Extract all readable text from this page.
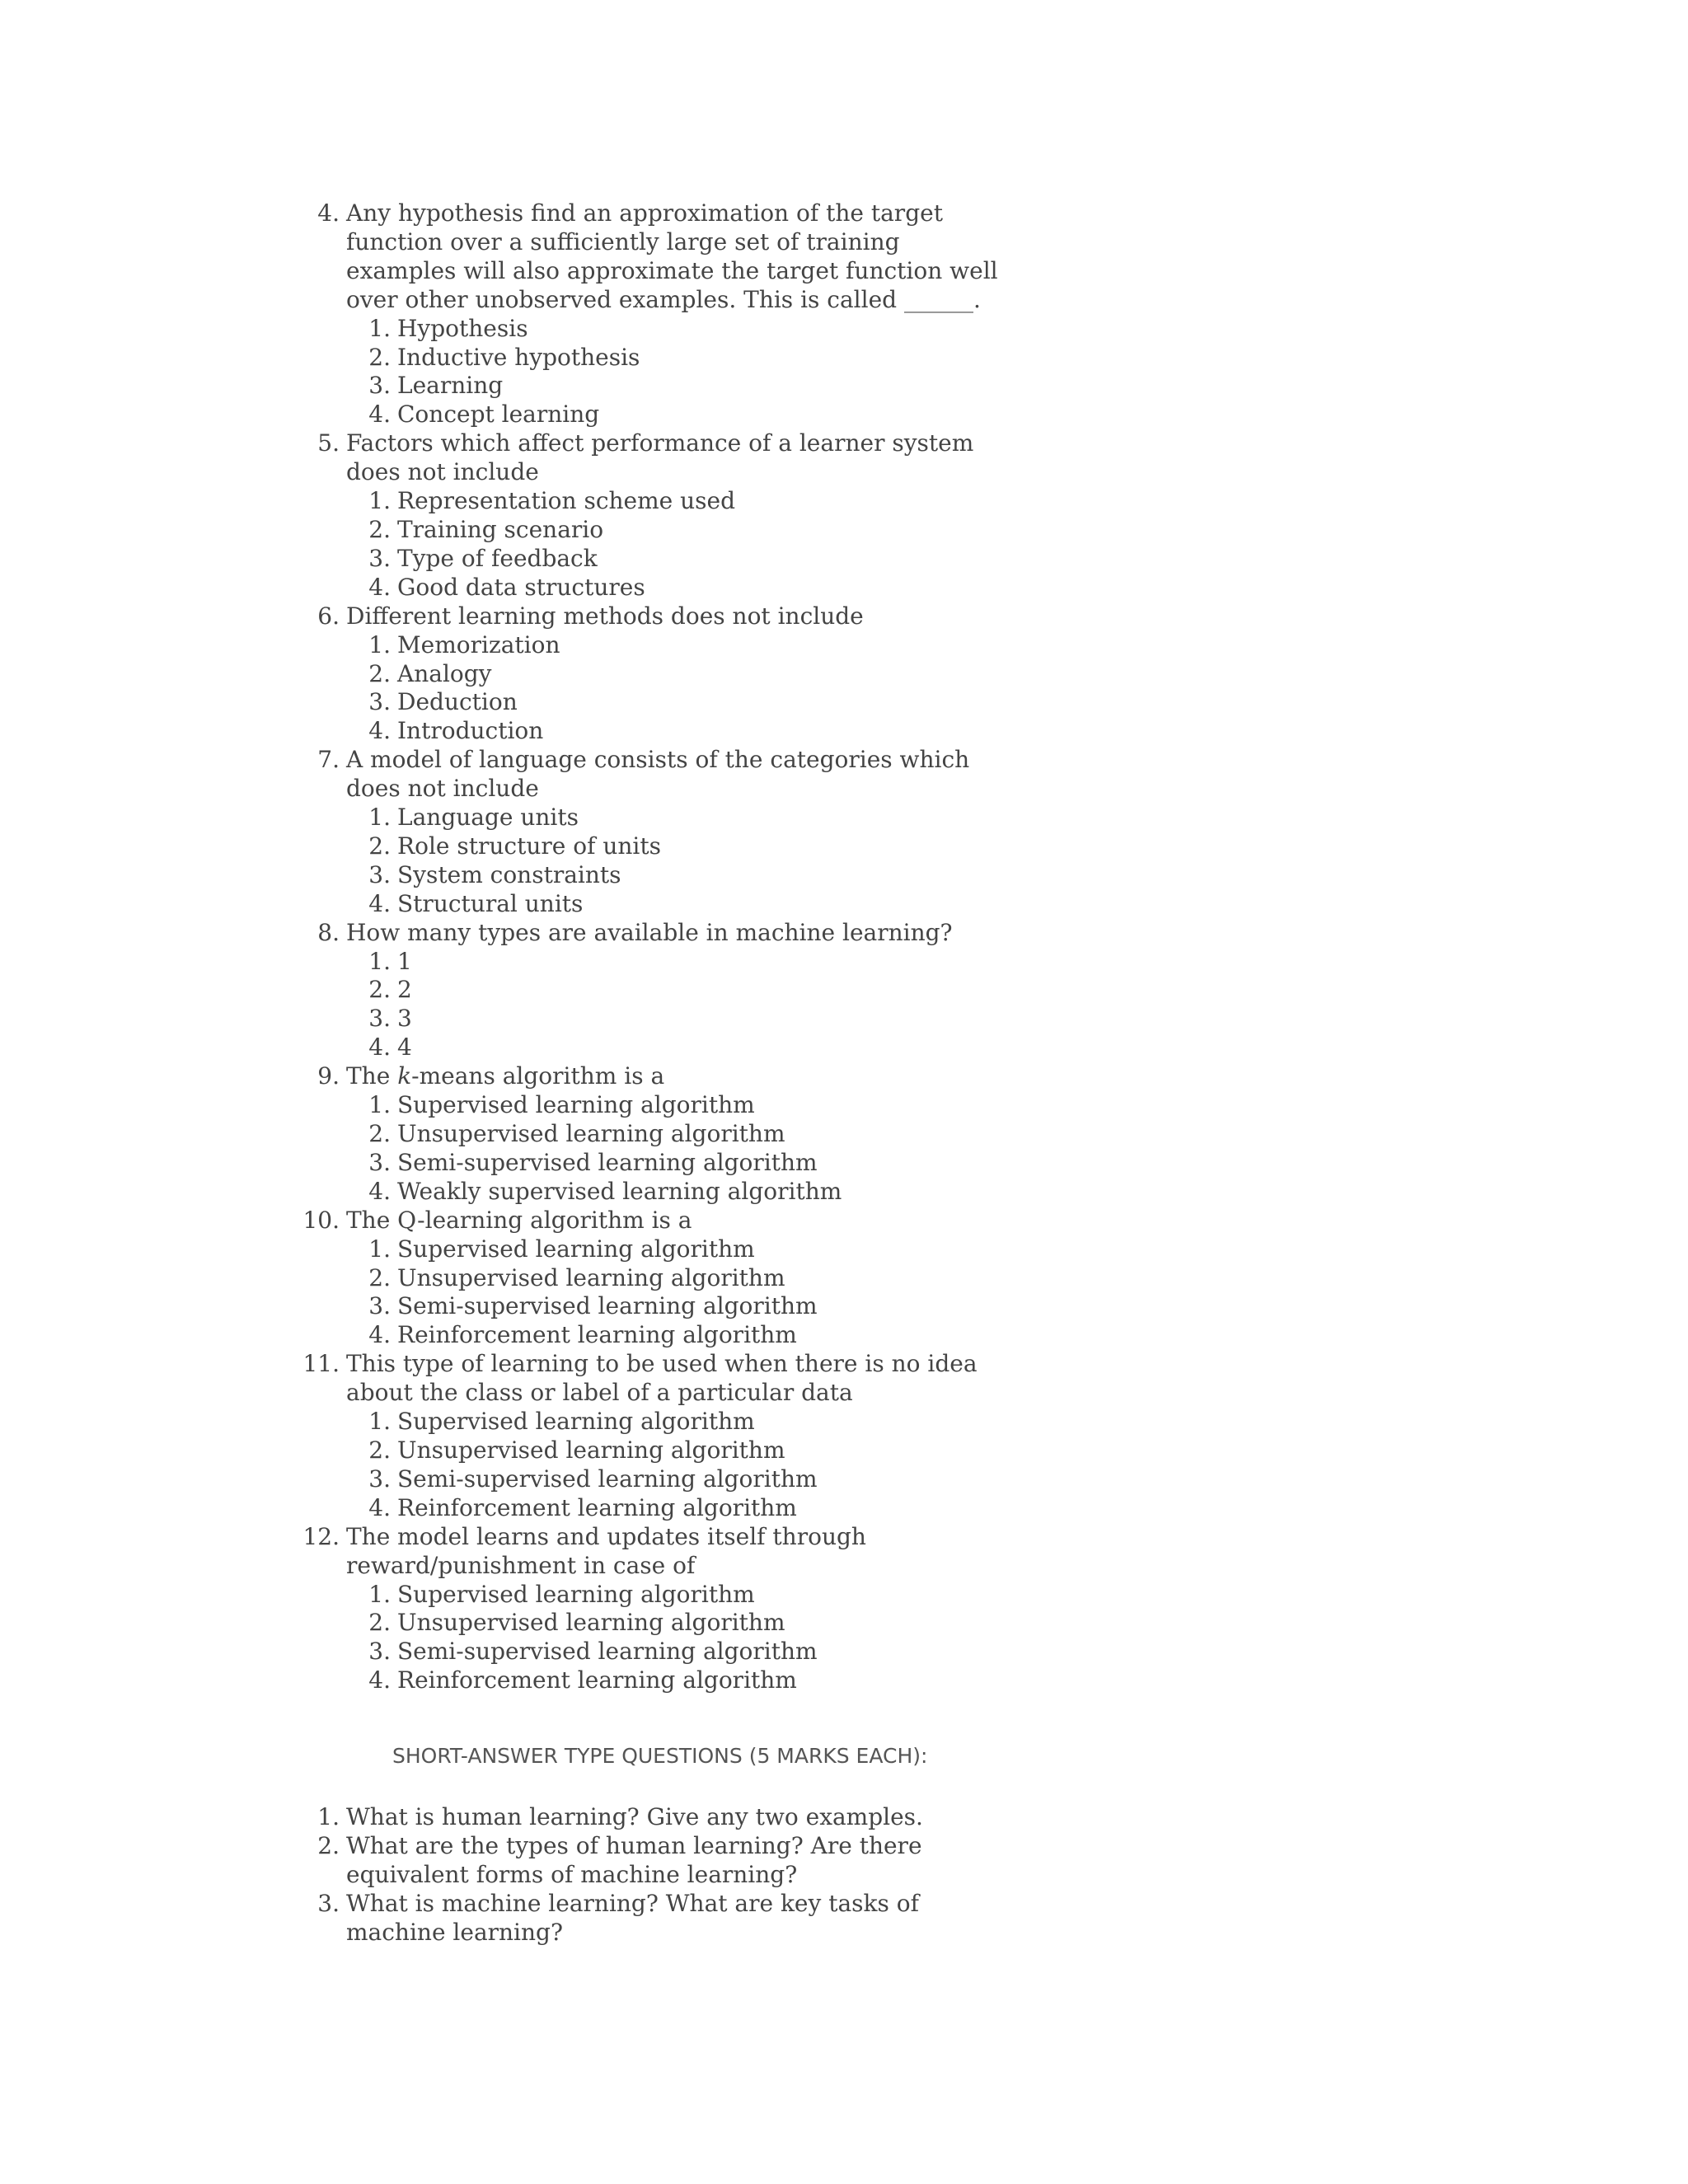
4. Any hypothesis find an approximation of the target function over a sufficiently large set of training examples will also approximate the target function well over other unobserved examples. This is called ______.
1. Hypothesis
2. Inductive hypothesis
3. Learning
4. Concept learning
5. Factors which affect performance of a learner system does not include
1. Representation scheme used
2. Training scenario
3. Type of feedback
4. Good data structures
6. Different learning methods does not include
1. Memorization
2. Analogy
3. Deduction
4. Introduction
7. A model of language consists of the categories which does not include
1. Language units
2. Role structure of units
3. System constraints
4. Structural units
8. How many types are available in machine learning?
1. 1
2. 2
3. 3
4. 4
9. The k-means algorithm is a
1. Supervised learning algorithm
2. Unsupervised learning algorithm
3. Semi-supervised learning algorithm
4. Weakly supervised learning algorithm
10. The Q-learning algorithm is a
1. Supervised learning algorithm
2. Unsupervised learning algorithm
3. Semi-supervised learning algorithm
4. Reinforcement learning algorithm
11. This type of learning to be used when there is no idea about the class or label of a particular data
1. Supervised learning algorithm
2. Unsupervised learning algorithm
3. Semi-supervised learning algorithm
4. Reinforcement learning algorithm
12. The model learns and updates itself through reward/punishment in case of
1. Supervised learning algorithm
2. Unsupervised learning algorithm
3. Semi-supervised learning algorithm
4. Reinforcement learning algorithm
SHORT-ANSWER TYPE QUESTIONS (5 MARKS EACH):
1. What is human learning? Give any two examples.
2. What are the types of human learning? Are there equivalent forms of machine learning?
3. What is machine learning? What are key tasks of machine learning?
